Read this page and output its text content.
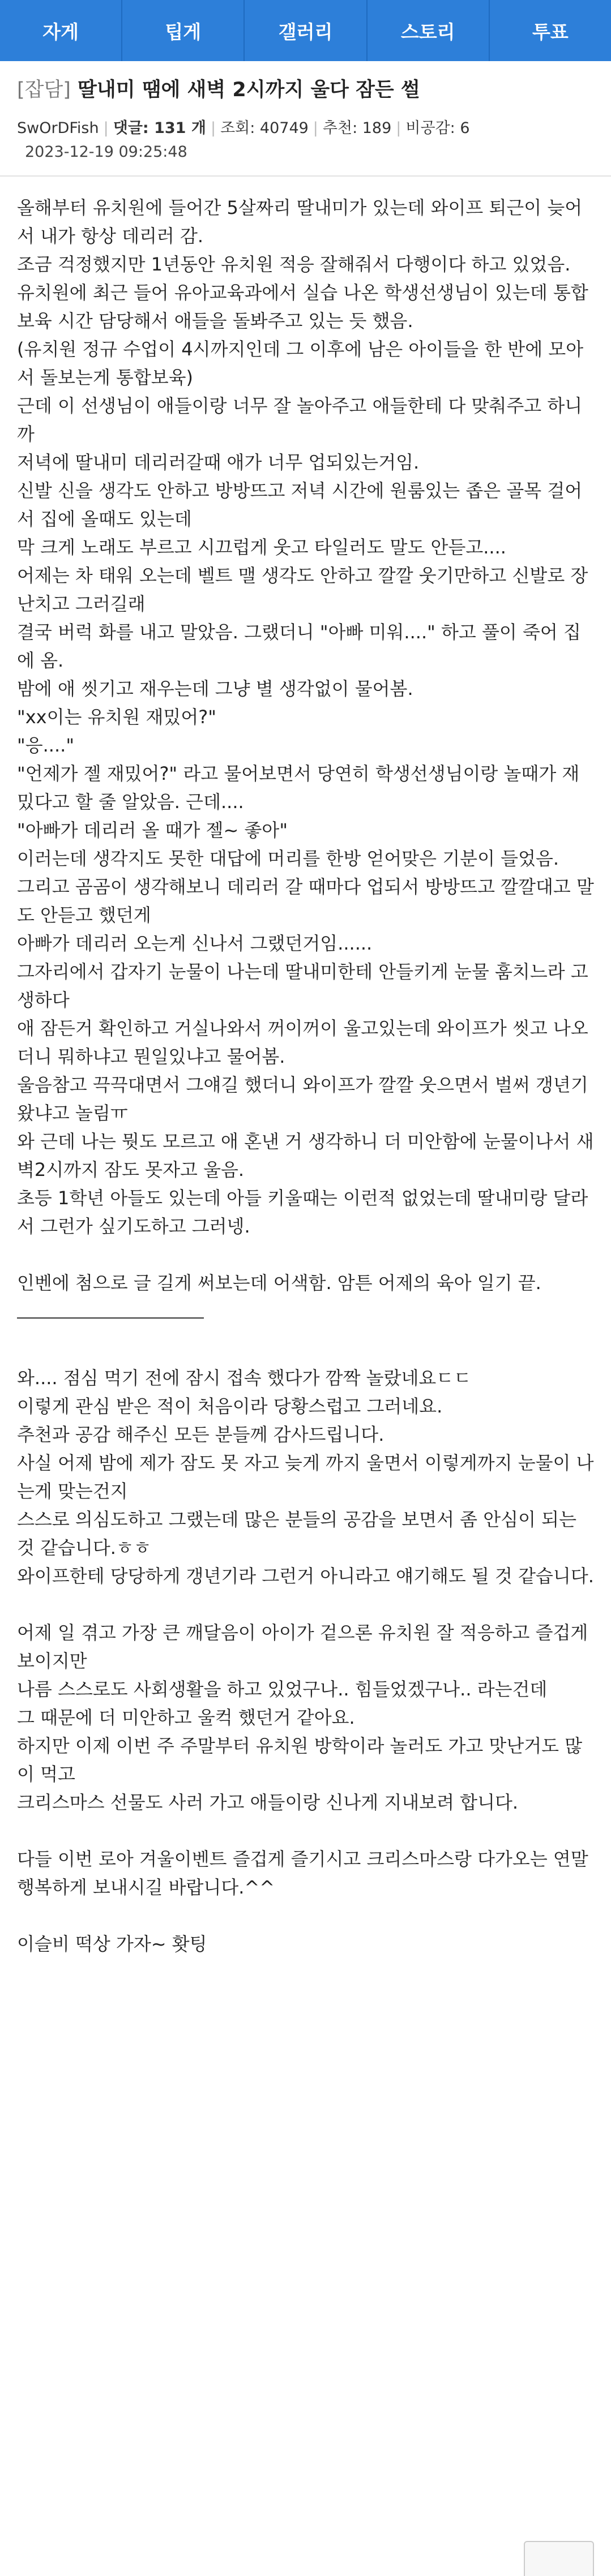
자게	팁게	갤러리	스토리	투표
[잡담] 딸내미 땜에 새벽 2시까지 울다 잠든 썰
SwOrDFish | 댓글: 131 개 | 조회: 40749 | 추천: 189 | 비공감: 6
2023-12-19 09:25:48

올해부터 유치원에 들어간 5살짜리 딸내미가 있는데 와이프 퇴근이 늦어서 내가 항상 데리러 감.

조금 걱정했지만 1년동안 유치원 적응 잘해줘서 다행이다 하고 있었음.

유치원에 최근 들어 유아교육과에서 실습 나온 학생선생님이 있는데 통합보육 시간 담당해서 애들을 돌봐주고 있는 듯 했음.

(유치원 정규 수업이 4시까지인데 그 이후에 남은 아이들을 한 반에 모아서 돌보는게 통합보육)

근데 이 선생님이 애들이랑 너무 잘 놀아주고 애들한테 다 맞춰주고 하니까

저녁에 딸내미 데리러갈때 애가 너무 업되있는거임.

신발 신을 생각도 안하고 방방뜨고 저녁 시간에 원룸있는 좁은 골목 걸어서 집에 올때도 있는데

막 크게 노래도 부르고 시끄럽게 웃고 타일러도 말도 안듣고....

어제는 차 태워 오는데 벨트 맬 생각도 안하고 깔깔 웃기만하고 신발로 장난치고 그러길래

결국 버럭 화를 내고 말았음. 그랬더니 "아빠 미워...." 하고 풀이 죽어 집에 옴.

밤에 애 씻기고 재우는데 그냥 별 생각없이 물어봄.

"xx이는 유치원 재밌어?"

"응...."

"언제가 젤 재밌어?" 라고 물어보면서 당연히 학생선생님이랑 놀때가 재밌다고 할 줄 알았음. 근데....

"아빠가 데리러 올 때가 젤~ 좋아"

이러는데 생각지도 못한 대답에 머리를 한방 얻어맞은 기분이 들었음.

그리고 곰곰이 생각해보니 데리러 갈 때마다 업되서 방방뜨고 깔깔대고 말도 안듣고 했던게

아빠가 데리러 오는게 신나서 그랬던거임......

그자리에서 갑자기 눈물이 나는데 딸내미한테 안들키게 눈물 훔치느라 고생하다

애 잠든거 확인하고 거실나와서 꺼이꺼이 울고있는데 와이프가 씻고 나오더니 뭐하냐고 뭔일있냐고 물어봄.

울음참고 끅끅대면서 그얘길 했더니 와이프가 깔깔 웃으면서 벌써 갱년기 왔냐고 놀림ㅠ

와 근데 나는 뭣도 모르고 애 혼낸 거 생각하니 더 미안함에 눈물이나서 새벽2시까지 잠도 못자고 울음.

초등 1학년 아들도 있는데 아들 키울때는 이런적 없었는데 딸내미랑 달라서 그런가 싶기도하고 그러넹.

인벤에 첨으로 글 길게 써보는데 어색함. 암튼 어제의 육아 일기 끝.

와.... 점심 먹기 전에 잠시 접속 했다가 깜짝 놀랐네요ㄷㄷ

이렇게 관심 받은 적이 처음이라 당황스럽고 그러네요.

추천과 공감 해주신 모든 분들께 감사드립니다.

사실 어제 밤에 제가 잠도 못 자고 늦게 까지 울면서 이렇게까지 눈물이 나는게 맞는건지

스스로 의심도하고 그랬는데 많은 분들의 공감을 보면서 좀 안심이 되는 것 같습니다.ㅎㅎ

와이프한테 당당하게 갱년기라 그런거 아니라고 얘기해도 될 것 같습니다.

어제 일 겪고 가장 큰 깨달음이 아이가 겉으론 유치원 잘 적응하고 즐겁게 보이지만

나름 스스로도 사회생활을 하고 있었구나.. 힘들었겠구나.. 라는건데

그 때문에 더 미안하고 울컥 했던거 같아요.

하지만 이제 이번 주 주말부터 유치원 방학이라 놀러도 가고 맛난거도 많이 먹고

크리스마스 선물도 사러 가고 애들이랑 신나게 지내보려 합니다.

다들 이번 로아 겨울이벤트 즐겁게 즐기시고 크리스마스랑 다가오는 연말 행복하게 보내시길 바랍니다.^^

이슬비 떡상 가자~ 홧팅
